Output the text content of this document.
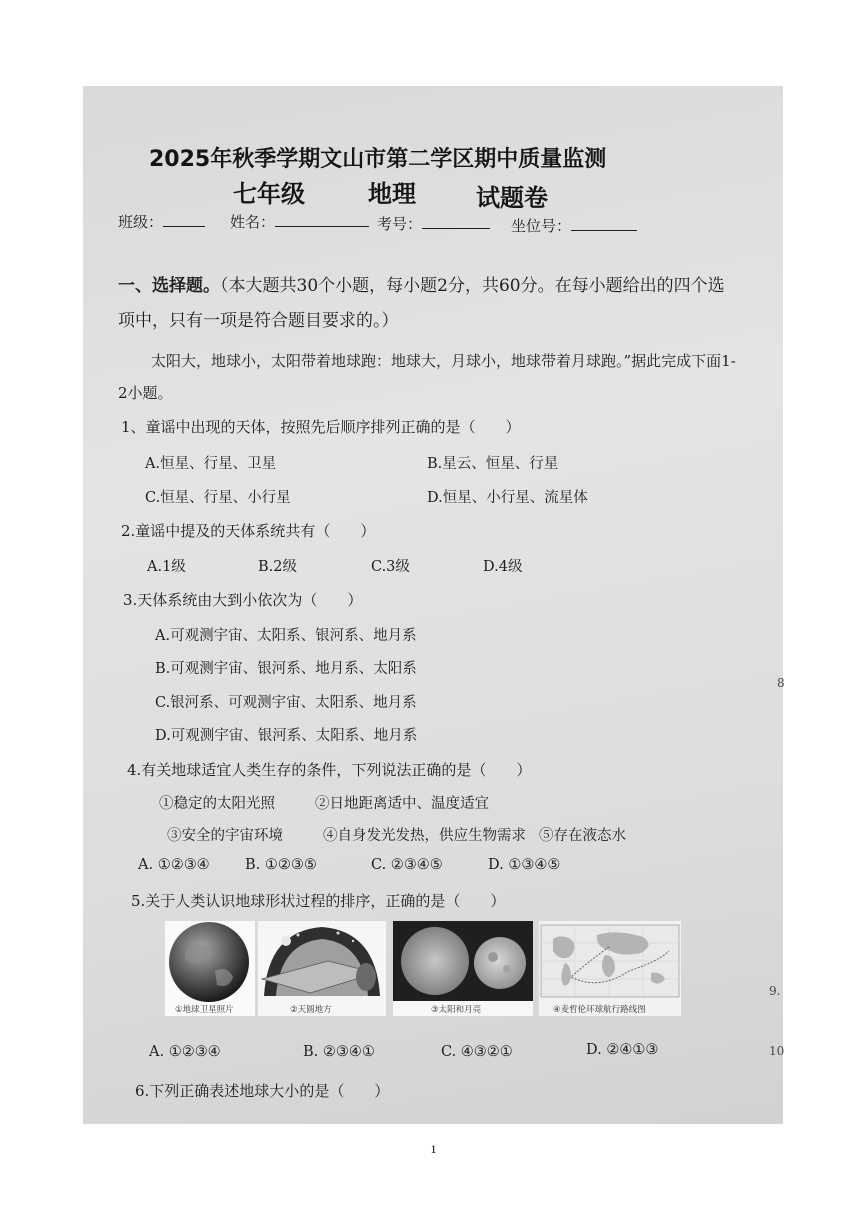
2025年秋季学期文山市第二学区期中质量监测
七年级	地理	试题卷
班级：	姓名：	考号：	坐位号：
一、选择题。（本大题共30个小题，每小题2分，共60分。在每小题给出的四个选
项中，只有一项是符合题目要求的。）
太阳大，地球小，太阳带着地球跑：地球大，月球小，地球带着月球跑。”据此完成下面1-
2小题。
1、童谣中出现的天体，按照先后顺序排列正确的是（　　）
A.恒星、行星、卫星	B.星云、恒星、行星
C.恒星、行星、小行星	D.恒星、小行星、流星体
2.童谣中提及的天体系统共有（　　）
A.1级	B.2级	C.3级	D.4级
3.天体系统由大到小依次为（　　）
A.可观测宇宙、太阳系、银河系、地月系
B.可观测宇宙、银河系、地月系、太阳系
C.银河系、可观测宇宙、太阳系、地月系
D.可观测宇宙、银河系、太阳系、地月系
4.有关地球适宜人类生存的条件，下列说法正确的是（　　）
①稳定的太阳光照	②日地距离适中、温度适宜
③安全的宇宙环境	④自身发光发热，供应生物需求 ⑤存在液态水
A. ①②③④ B. ①②③⑤	C. ②③④⑤	D. ①③④⑤
5.关于人类认识地球形状过程的排序，正确的是（　　）
①地球卫星照片	②天圆地方	③太阳和月亮	④麦哲伦环球航行路线图
A. ①②③④	B. ②③④①	C. ④③②①	D. ②④①③
6.下列正确表述地球大小的是（　　）
8
9.
10
1
